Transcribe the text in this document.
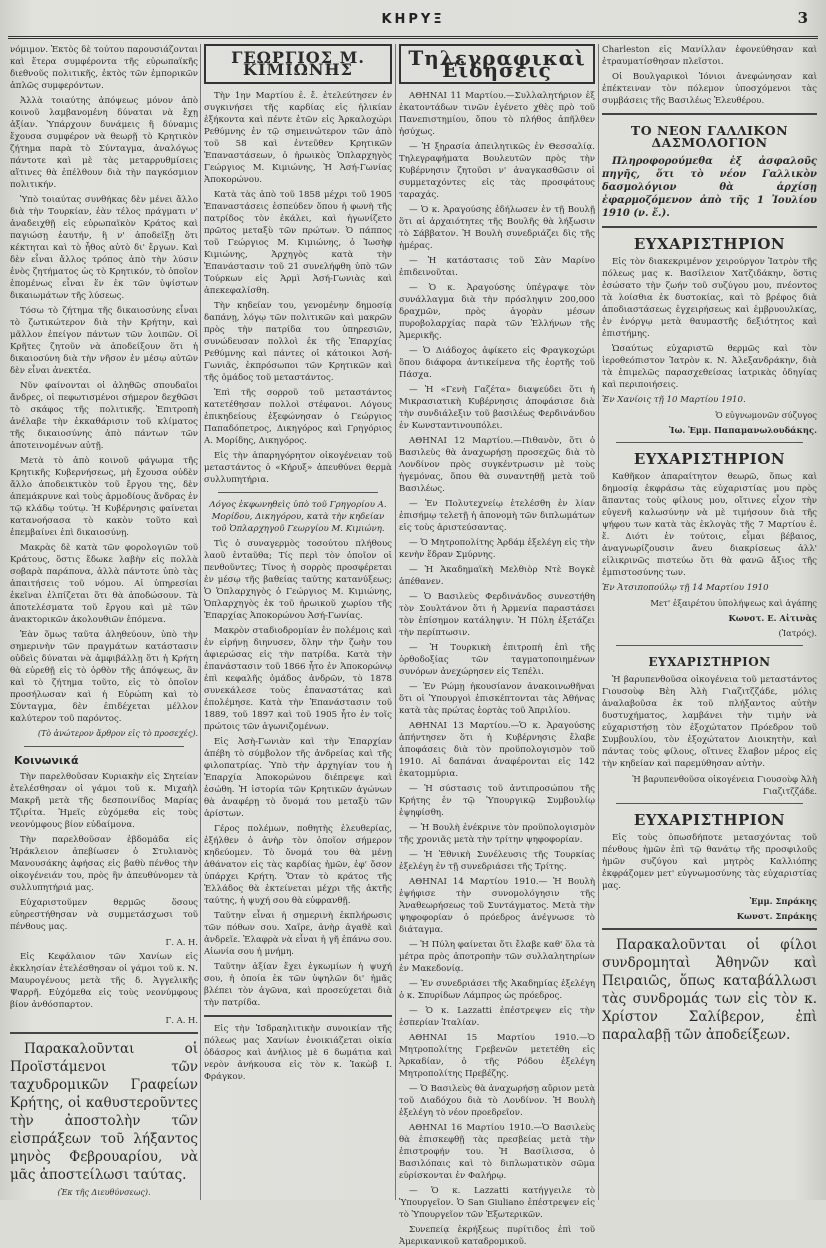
ΚΗΡΥΞ	3

νόμιμον. Ἐκτὸς δὲ τούτου παρουσιάζονται καὶ ἕτερα συμφέροντα τῆς εὐρωπαϊκῆς διεθνοῦς πολιτικῆς, ἐκτὸς τῶν ἐμπορικῶν ἁπλῶς συμφερόντων.

Ἀλλὰ τοιαύτης ἀπόψεως μόνον ἀπὸ κοινοῦ λαμβανομένη δύναται νὰ ἔχῃ ἀξίαν. Ὑπάρχουν δυνάμεις ἢ δύναμις ἔχουσα συμφέρον νὰ θεωρῇ τὸ Κρητικὸν ζήτημα παρὰ τὸ Σύνταγμα, ἀναλόγως πάντοτε καὶ μὲ τὰς μεταρρυθμίσεις αἵτινες θὰ ἐπέλθουν διὰ τὴν παγκόσμιον πολιτικήν.

Ὑπὸ τοιαύτας συνθήκας δὲν μένει ἄλλο διὰ τὴν Τουρκίαν, ἐὰν τέλος πράγματι ν' ἀναδειχθῇ εἰς εὐρωπαϊκὸν Κράτος καὶ παγιώσῃ ἑαυτήν, ἢ ν' ἀποδεῖξῃ ὅτι κέκτηται καὶ τὸ ἦθος αὐτὸ δι' ἔργων. Καὶ δὲν εἶναι ἄλλος τρόπος ἀπὸ τὴν λύσιν ἑνὸς ζητήματος ὡς τὸ Κρητικόν, τὸ ὁποῖον ἑπομένως εἶναι ἕν ἐκ τῶν ὑψίστων δικαιωμάτων τῆς λύσεως.

Τόσω τὸ ζήτημα τῆς δικαιοσύνης εἶναι τὸ ζωτικώτερον διὰ τὴν Κρήτην, καὶ μᾶλλον ἐπείγον πάντων τῶν λοιπῶν. Οἱ Κρῆτες ζητοῦν νὰ ἀποδείξουν ὅτι ἡ δικαιοσύνη διὰ τὴν νῆσον ἐν μέσῳ αὐτῶν δὲν εἶναι ἀνεκτέα.

Νῦν φαίνονται οἱ ἀληθῶς σπουδαῖοι ἄνδρες, οἱ πεφωτισμένοι σήμερον δεχθῶσι τὸ σκάφος τῆς πολιτικῆς. Ἐπιτροπὴ ἀνέλαβε τὴν ἐκκαθάρισιν τοῦ κλίματος τῆς δικαιοσύνης ἀπὸ πάντων τῶν ἀποτεινομένων αὐτῇ.

Μετὰ τὸ ἀπὸ κοινοῦ φάγωμα τῆς Κρητικῆς Κυβερνήσεως, μὴ ἔχουσα οὐδὲν ἄλλο ἀποδεικτικὸν τοῦ ἔργου της, δὲν ἀπεμάκρυνε καὶ τοὺς ἀρμοδίους ἄνδρας ἐν τῷ κλάδῳ τούτῳ. Ἡ Κυβέρνησις φαίνεται κατανοήσασα τὸ κακὸν τοῦτο καὶ ἐπεμβαίνει ἐπὶ δικαιοσύνῃ.

Μακρὰς δὲ κατὰ τῶν φορολογιῶν τοῦ Κράτους, ὅστις ἔδωκε λαβὴν εἰς πολλὰ σοβαρὰ παράπονα, ἀλλὰ πάντοτε ὑπὸ τὰς ἀπαιτήσεις τοῦ νόμου. Αἱ ὑπηρεσίαι ἐκεῖναι ἐλπίζεται ὅτι θὰ ἀποδώσουν. Τὰ ἀποτελέσματα τοῦ ἔργου καὶ μὲ τῶν ἀνακτορικῶν ἀκολουθιῶν ἑπόμενα.

Ἐὰν ὅμως ταῦτα ἀληθεύουν, ὑπὸ τὴν σημερινὴν τῶν πραγμάτων κατάστασιν οὐδεὶς δύναται νὰ ἀμφιβάλλῃ ὅτι ἡ Κρήτη θὰ εὑρεθῇ εἰς τὸ ὀρθὸν τῆς ἀπόψεως, ἂν καὶ τὸ ζήτημα τοῦτο, εἰς τὸ ὁποῖον προσήλωσαν καὶ ἡ Εὐρώπη καὶ τὸ Σύνταγμα, δὲν ἐπιδέχεται μέλλον καλύτερον τοῦ παρόντος.

(Τὸ ἀνώτερον ἄρθρον εἰς τὸ προσεχές).

Κοινωνικά

Τὴν παρελθοῦσαν Κυριακὴν εἰς Σητείαν ἐτελέσθησαν οἱ γάμοι τοῦ κ. Μιχαὴλ Μακρῆ μετὰ τῆς δεσποινίδος Μαρίας Τζιρίτα. Ἡμεῖς εὐχόμεθα εἰς τοὺς νεονύμφους βίον εὐδαίμονα.

Τὴν παρελθοῦσαν ἑβδομάδα εἰς Ἡράκλειον ἀπεβίωσεν ὁ Στυλιανὸς Μανουσάκης ἀφήσας εἰς βαθὺ πένθος τὴν οἰκογένειάν του, πρὸς ἣν ἀπευθύνομεν τὰ συλλυπητήριά μας.

Εὐχαριστοῦμεν θερμῶς ὅσους εὐηρεστήθησαν νὰ συμμετάσχωσι τοῦ πένθους μας.

Γ. Α. Η.

Εἰς Κεφάλαιον τῶν Χανίων εἰς ἐκκλησίαν ἐτελέσθησαν οἱ γάμοι τοῦ κ. Ν. Μαυρογένους μετὰ τῆς δ. Ἀγγελικῆς Ψαρρῆ. Εὐχόμεθα εἰς τοὺς νεονύμφους βίον ἀνθόσπαρτον.

Γ. Α. Η.

Παρακαλοῦνται οἱ Προϊστάμενοι τῶν ταχυδρομικῶν Γραφείων Κρήτης, οἱ καθυστεροῦντες τὴν ἀποστολὴν τῶν εἰσπράξεων τοῦ λήξαντος μηνὸς Φεβρουαρίου, νὰ μᾶς ἀποστείλωσι ταύτας.

(Ἐκ τῆς Διευθύνσεως).

ΓΕΩΡΓΙΟΣ Μ. ΚΙΜΙΩΝΗΣ

Τὴν 1ην Μαρτίου ἐ. ἔ. ἐτελεύτησεν ἐν συγκινήσει τῆς καρδίας εἰς ἡλικίαν ἑξήκοντα καὶ πέντε ἐτῶν εἰς Ἀρκαλοχώρι Ρεθύμνης ἐν τῷ σημεινώτερον τῶν ἀπὸ τοῦ 58 καὶ ἐντεῦθεν Κρητικῶν Ἐπαναστάσεων, ὁ ἡρωικὸς Ὁπλαρχηγὸς Γεώργιος Μ. Κιμιώνης, Ἠ Ἀσή-Γωνίας Ἀποκορώνου.

Κατὰ τὰς ἀπὸ τοῦ 1858 μέχρι τοῦ 1905 Ἐπαναστάσεις ἐσπεύδεν ὅπου ἡ φωνὴ τῆς πατρίδος τὸν ἐκάλει, καὶ ἠγωνίζετο πρῶτος μεταξὺ τῶν πρώτων. Ὁ πάππος τοῦ Γεώργιος Μ. Κιμιώνης, ὁ Ἰωσὴφ Κιμιώνης, Ἀρχηγὸς κατὰ τὴν Ἐπανάστασιν τοῦ 21 συνελήφθη ὑπὸ τῶν Τούρκων εἰς Ἀρμὶ Ἀσή-Γωνιὰς καὶ ἀπεκεφαλίσθη.

Τὴν κηδείαν του, γενομένην δημοσίᾳ δαπάνῃ, λόγῳ τῶν πολιτικῶν καὶ μακρῶν πρὸς τὴν πατρίδα του ὑπηρεσιῶν, συνώδευσαν πολλοὶ ἐκ τῆς Ἐπαρχίας Ρεθύμνης καὶ πάντες οἱ κάτοικοι Ἀσή-Γωνιᾶς, ἐκπρόσωποι τῶν Κρητικῶν καὶ τῆς ὁμάδος τοῦ μεταστάντος.

Ἐπὶ τῆς σορροῦ τοῦ μεταστάντος κατετέθησαν πολλοὶ στέφανοι. Λόγους ἐπικηδείους ἐξεφώνησαν ὁ Γεώργιος Παπαδόπετρος, Δικηγόρος καὶ Γρηγόριος Α. Μορίδης, Δικηγόρος.

Εἰς τὴν ἀπαρηγόρητον οἰκογένειαν τοῦ μεταστάντος ὁ «Κήρυξ» ἀπευθύνει θερμὰ συλλυπητήρια.

Λόγος ἐκφωνηθεὶς ὑπὸ τοῦ Γρηγορίου Α. Μορίδου, Δικηγόρου, κατὰ τὴν κηδείαν τοῦ Ὁπλαρχηγοῦ Γεωργίου Μ. Κιμιώνη.

Τὶς ὁ συναγερμὸς τοσούτου πλήθους λαοῦ ἐνταῦθα; Τίς περὶ τὸν ὁποῖον οἱ πενθοῦντες; Τίνος ἡ σορρὸς προσφέρεται ἐν μέσῳ τῆς βαθείας ταύτης κατανύξεως; Ὁ Ὁπλαρχηγὸς ὁ Γεώργιος Μ. Κιμιώνης, Ὁπλαρχηγὸς ἐκ τοῦ ἡρωικοῦ χωρίου τῆς Ἐπαρχίας Ἀποκορώνου Ἀσή-Γωνίας.

Μακρὸν σταδιοδρομίαν ἐν πολέμοις καὶ ἐν εἰρήνῃ διηνυσεν, ὅλην τὴν ζωὴν του ἀφιερώσας εἰς τὴν πατρίδα. Κατὰ τὴν ἐπανάστασιν τοῦ 1866 ἦτο ἐν Ἀποκορώνῳ ἐπὶ κεφαλῆς ὁμάδος ἀνδρῶν, τὸ 1878 συνεκάλεσε τοὺς ἐπαναστάτας καὶ ἐπολέμησε. Κατὰ τὴν Ἐπανάστασιν τοῦ 1889, τοῦ 1897 καὶ τοῦ 1905 ἦτο ἐν τοῖς πρώτοις τῶν ἀγωνιζομένων.

Εἰς Ἀσὴ-Γωνιὰν καὶ τὴν Ἐπαρχίαν ἀπέβη τὸ σύμβολον τῆς ἀνδρείας καὶ τῆς φιλοπατρίας. Ὑπὸ τὴν ἀρχηγίαν του ἡ Ἐπαρχία Ἀποκορώνου διέπρεψε καὶ ἐσώθη. Ἡ ἱστορία τῶν Κρητικῶν ἀγώνων θὰ ἀναφέρῃ τὸ ὄνομά του μεταξὺ τῶν ἀρίστων.

Γέρος πολέμων, ποθητὴς ἐλευθερίας, ἐξήλθεν ὁ ἀνὴρ τὸν ὁποῖον σήμερον κηδεύομεν. Τὸ ὄνομά του θὰ μένῃ ἀθάνατον εἰς τὰς καρδίας ἡμῶν, ἐφ' ὅσον ὑπάρχει Κρήτη. Ὅταν τὸ κράτος τῆς Ἑλλάδος θὰ ἐκτείνεται μέχρι τῆς ἀκτῆς ταύτης, ἡ ψυχή σου θὰ εὐφρανθῇ.

Ταῦτην εἶναι ἡ σημερινὴ ἐκπλήρωσις τῶν πόθων σου. Χαῖρε, ἀνὴρ ἀγαθὲ καὶ ἀνδρεῖε. Ἐλαφρὰ νὰ εἶναι ἡ γῆ ἐπάνω σου. Αἰωνία σου ἡ μνήμη.

Ταῦτην ἀξίαν ἔχει ἐγκωμίων ἡ ψυχή σου, ἡ ὁποία ἐκ τῶν ὑψηλῶν δι' ἡμᾶς βλέπει τὸν ἀγῶνα, καὶ προσεύχεται διὰ τὴν πατρίδα.

Εἰς τὴν Ἰσδραηλιτικὴν συνοικίαν τῆς πόλεως μας Χανίων ἐνοικιάζεται οἰκία ὀδάσρος καὶ ἀνήλιος μὲ 6 δωμάτια καὶ νερὸν ἀνήκουσα εἰς τὸν κ. Ἰακὼβ Ι. Φράγκον.

Τηλεγραφικαὶ Εἰδήσεις

ΑΘΗΝΑΙ 11 Μαρτίου.—Συλλαλητήριον ἐξ ἐκατοντάδων τινῶν ἐγένετο χθὲς πρὸ τοῦ Πανεπιστημίου, ὅπου τὸ πλήθος ἀπῆλθεν ἡσύχως.

— Ἡ ξηρασία ἀπειλητικῶς ἐν Θεσσαλίᾳ. Τηλεγραφήματα Βουλευτῶν πρὸς τὴν Κυβέρνησιν ζητοῦσι ν' ἀναγκασθῶσιν οἱ συμμεταχόντες εἰς τὰς προσφάτους ταραχάς.

— Ὁ κ. Ἀραγούσης ἐδήλωσεν ἐν τῇ Βουλῇ ὅτι αἱ ἀρχαιότητες τῆς Βουλῆς θὰ λήξωσιν τὸ Σάββατον. Ἡ Βουλὴ συνεδριάζει δὶς τῆς ἡμέρας.

— Ἡ κατάστασις τοῦ Σὰν Μαρίνο ἐπιδεινοῦται.

— Ὁ κ. Ἀραγούσης ὑπέγραψε τὸν συνάλλαγμα διὰ τὴν πρόσληψιν 200,000 δραχμῶν, πρὸς ἀγορὰν μέσων πυροβολαρχίας παρὰ τῶν Ἑλλήνων τῆς Ἀμερικῆς.

— Ὁ Διάδοχος ἀφίκετο εἰς Φραγκοχώρι ὅπου διάφορα ἀντικείμενα τῆς ἑορτῆς τοῦ Πάσχα.

— Ἡ «Γενὴ Γαζέτα» διαψεύδει ὅτι ἡ Μικρασιατικὴ Κυβέρνησις ἀποφάσισε διὰ τὴν συνδιάλεξιν τοῦ βασιλέως Φερδινάνδου ἐν Κωνσταντινουπόλει.

ΑΘΗΝΑΙ 12 Μαρτίου.—Πιθανὸν, ὅτι ὁ Βασιλεὺς θὰ ἀναχωρήσῃ προσεχῶς διὰ τὸ Λονδίνον πρὸς συγκέντρωσιν μὲ τοὺς ἡγεμόνας, ὅπου θὰ συναντηθῇ μετὰ τοῦ Βασιλέως.

— Ἐν Πολυτεχνείῳ ἐτελέσθη ἐν λίαν ἐπισήμῳ τελετῇ ἡ ἀπονομὴ τῶν διπλωμάτων εἰς τοὺς ἀριστεύσαντας.

— Ὁ Μητροπολίτης Ἀρδάμ ἐξελέγη εἰς τὴν κενὴν ἕδραν Σμύρνης.

— Ἡ Ἀκαδημαϊκὴ Μελθιὸρ Ντὲ Βογκὲ ἀπέθανεν.

— Ὁ Βασιλεὺς Φερδινάνδος συνεστήθη τὸν Σουλτάνον ὅτι ἡ Ἀρμενία παραστάσει τὸν ἐπίσημον κατάληψιν. Ἡ Πύλη ἐξετάζει τὴν περίπτωσιν.

— Ἡ Τουρκικὴ ἐπιτροπὴ ἐπὶ τῆς ὀρθοδοξίας τῶν ταγματοποιημένων συνόρων ἀνεχώρησεν εἰς Τεπέλι.

— Ἐν Ρώμῃ ἠκουσίανον ἀνακοινωθῆναι ὅτι οἱ Ὑπουργοὶ ἐπισκέπτονται τὰς Ἀθήνας κατὰ τὰς πρώτας ἑορτὰς τοῦ Ἀπριλίου.

ΑΘΗΝΑΙ 13 Μαρτίου.—Ὁ κ. Ἀραγούσης ἀπήντησεν ὅτι ἡ Κυβέρνησις ἔλαβε ἀποφάσεις διὰ τὸν προϋπολογισμὸν τοῦ 1910. Αἱ δαπάναι ἀναφέρονται εἰς 142 ἑκατομμύρια.

— Ἡ σύστασις τοῦ ἀντιπροσώπου τῆς Κρήτης ἐν τῷ Ὑπουργικῷ Συμβουλίῳ ἐψηφίσθη.

— Ἡ Βουλὴ ἐνέκρινε τὸν προϋπολογισμὸν τῆς χρονιᾶς μετὰ τὴν τρίτην ψηφοφορίαν.

— Ἡ Ἐθνικὴ Συνέλευσις τῆς Τουρκίας ἐξελέγη ἐν τῇ συνεδριάσει τῆς Τρίτης.

ΑΘΗΝΑΙ 14 Μαρτίου 1910.— Ἡ Βουλὴ ἐψήφισε τὴν συνομολόγησιν τῆς Ἀναθεωρήσεως τοῦ Συντάγματος. Μετὰ τὴν ψηφοφορίαν ὁ πρόεδρος ἀνέγνωσε τὸ διάταγμα.

— Ἡ Πύλη φαίνεται ὅτι ἔλαβε καθ' ὅλα τὰ μέτρα πρὸς ἀποτροπὴν τῶν συλλαλητηρίων ἐν Μακεδονίᾳ.

— Ἐν συνεδριάσει τῆς Ἀκαδημίας ἐξελέγη ὁ κ. Σπυρίδων Λάμπρος ὡς πρόεδρος.

— Ὁ κ. Lazzatti ἐπέστρεψεν εἰς τὴν ἑσπερίαν Ἰταλίαν.

ΑΘΗΝΑΙ 15 Μαρτίου 1910.—Ὁ Μητροπολίτης Γρεβενῶν μετετέθη εἰς Ἀρκαδίαν, ὁ τῆς Ρόδου ἐξελέγη Μητροπολίτης Πρεβέζης.

— Ὁ Βασιλεὺς θὰ ἀναχωρήσῃ αὔριον μετὰ τοῦ Διαδόχου διὰ τὸ Λονδίνον. Ἡ Βουλὴ ἐξελέγη τὸ νέον προεδρεῖον.

ΑΘΗΝΑΙ 16 Μαρτίου 1910.—Ὁ Βασιλεὺς θὰ ἐπισκεφθῇ τὰς πρεσβείας μετὰ τὴν ἐπιστροφήν του. Ἡ Βασίλισσα, ὁ Βασιλόπαις καὶ τὸ διπλωματικὸν σῶμα εὑρίσκονται ἐν Φαλήρῳ.

— Ὁ κ. Lazzatti κατήγγειλε τὸ Ὑπουργεῖον. Ὁ San Giuliano ἐπέστρεψεν εἰς τὸ Ὑπουργεῖον τῶν Ἐξωτερικῶν.

Συνεπείᾳ ἐκρήξεως πυρίτιδος ἐπὶ τοῦ Ἀμερικανικοῦ καταδρομικοῦ.

Charleston εἰς Μανίλλαν ἐφονεύθησαν καὶ ἐτραυματίσθησαν πλεῖστοι.

Οἱ Βουλγαρικοὶ Ἰόνιοι ἀνεφώνησαν καὶ ἐπέκτειναν τὸν πόλεμον ὑποσχόμενοι τὰς συμβάσεις τῆς Βασιλέως Ἐλευθέρου.

ΤΟ ΝΕΟΝ ΓΑΛΛΙΚΟΝ ΔΑΣΜΟΛΟΓΙΟΝ

Πληροφορούμεθα ἐξ ἀσφαλοῦς πηγῆς, ὅτι τὸ νέον Γαλλικὸν δασμολόγιον θὰ ἀρχίσῃ ἐφαρμοζόμενον ἀπὸ τῆς 1 Ἰουλίου 1910 (ν. ἔ.).

ΕΥΧΑΡΙΣΤΗΡΙΟΝ

Εἰς τὸν διακεκριμένον χειρούργον Ἰατρὸν τῆς πόλεως μας κ. Βασίλειον Χατζιδάκην, ὅστις ἐσώσατο τὴν ζωήν τοῦ συζύγου μου, πνέοντος τὰ λοίσθια ἐκ δυστοκίας, καὶ τὸ βρέφος διὰ ἀποδιαστάσεως ἐγχειρήσεως καὶ ἐμβρυουλκίας, ἐν ἐνόργῳ μετὰ θαυμαστῆς δεξιότητος καὶ ἐπιστήμης.

Ὡσαύτως εὐχαριστῶ θερμῶς καὶ τὸν ἱεροθεόπιστον Ἰατρὸν κ. Ν. Ἀλεξανδράκην, διὰ τὰ ἐπιμελῶς παρασχεθείσας ἰατρικὰς ὁδηγίας καὶ περιποιήσεις.

Ἐν Χανίοις τῇ 10 Μαρτίου 1910.

Ὁ εὐγνωμονῶν σύζυγος

Ἰω. Ἐμμ. Παπαμανωλουδάκης.

ΕΥΧΑΡΙΣΤΗΡΙΟΝ

Καθῆκον ἀπαραίτητον θεωρῶ, ὅπως καὶ δημοσίᾳ ἐκφράσω τὰς εὐχαριστίας μου πρὸς ἅπαντας τοὺς φίλους μου, οἵτινες εἶχον τὴν εὐγενῆ καλωσύνην νὰ μὲ τιμήσουν διὰ τῆς ψήφου των κατὰ τὰς ἐκλογὰς τῆς 7 Μαρτίου ἐ. ἔ. Διότι ἐν τούτοις, εἶμαι βέβαιος, ἀναγνωρίζουσιν ἄνευ διακρίσεως ἀλλ' εἰλικρινῶς πιστεύω ὅτι θὰ φανῶ ἄξιος τῆς ἐμπιστοσύνης των.

Ἐν Ἀτσιποπούλῳ τῇ 14 Μαρτίου 1910

Μετ' ἐξαιρέτου ὑπολήψεως καὶ ἀγάπης

Κωνστ. Ε. Αἰτινὰς

(Ἰατρός).

ΕΥΧΑΡΙΣΤΗΡΙΟΝ

Ἡ βαρυπενθοῦσα οἰκογένεια τοῦ μεταστάντος Γιουσοὺφ Βὲη Ἀλὴ Γιαζιτζζάδε, μόλις ἀναλαβοῦσα ἐκ τοῦ πλήξαντος αὐτὴν δυστυχήματος, λαμβάνει τὴν τιμὴν νὰ εὐχαριστήσῃ τὸν ἐξοχώτατον Πρόεδρον τοῦ Συμβουλίου, τὸν ἐξοχώτατον Διοικητὴν, καὶ πάντας τοὺς φίλους, οἵτινες ἔλαβον μέρος εἰς τὴν κηδείαν καὶ παρεμύθησαν αὐτὴν.

Ἡ βαρυπενθοῦσα οἰκογένεια Γιουσοὺφ Ἀλὴ Γιαζιτζζάδε.

ΕΥΧΑΡΙΣΤΗΡΙΟΝ

Εἰς τοὺς ὁπωσδήποτε μετασχόντας τοῦ πένθους ἡμῶν ἐπὶ τῷ θανάτῳ τῆς προσφιλοῦς ἡμῶν συζύγου καὶ μητρὸς Καλλιόπης ἐκφράζομεν μετ' εὐγνωμοσύνης τὰς εὐχαριστίας μας.

Ἐμμ. Σπράκης

Κωνστ. Σπράκης

Παρακαλοῦνται οἱ φίλοι συνδρομηταὶ Ἀθηνῶν καὶ Πειραιῶς, ὅπως καταβάλλωσι τὰς συνδρομάς των εἰς τὸν κ. Χρίστον Σαλίβερον, ἐπὶ παραλαβῇ τῶν ἀποδείξεων.
